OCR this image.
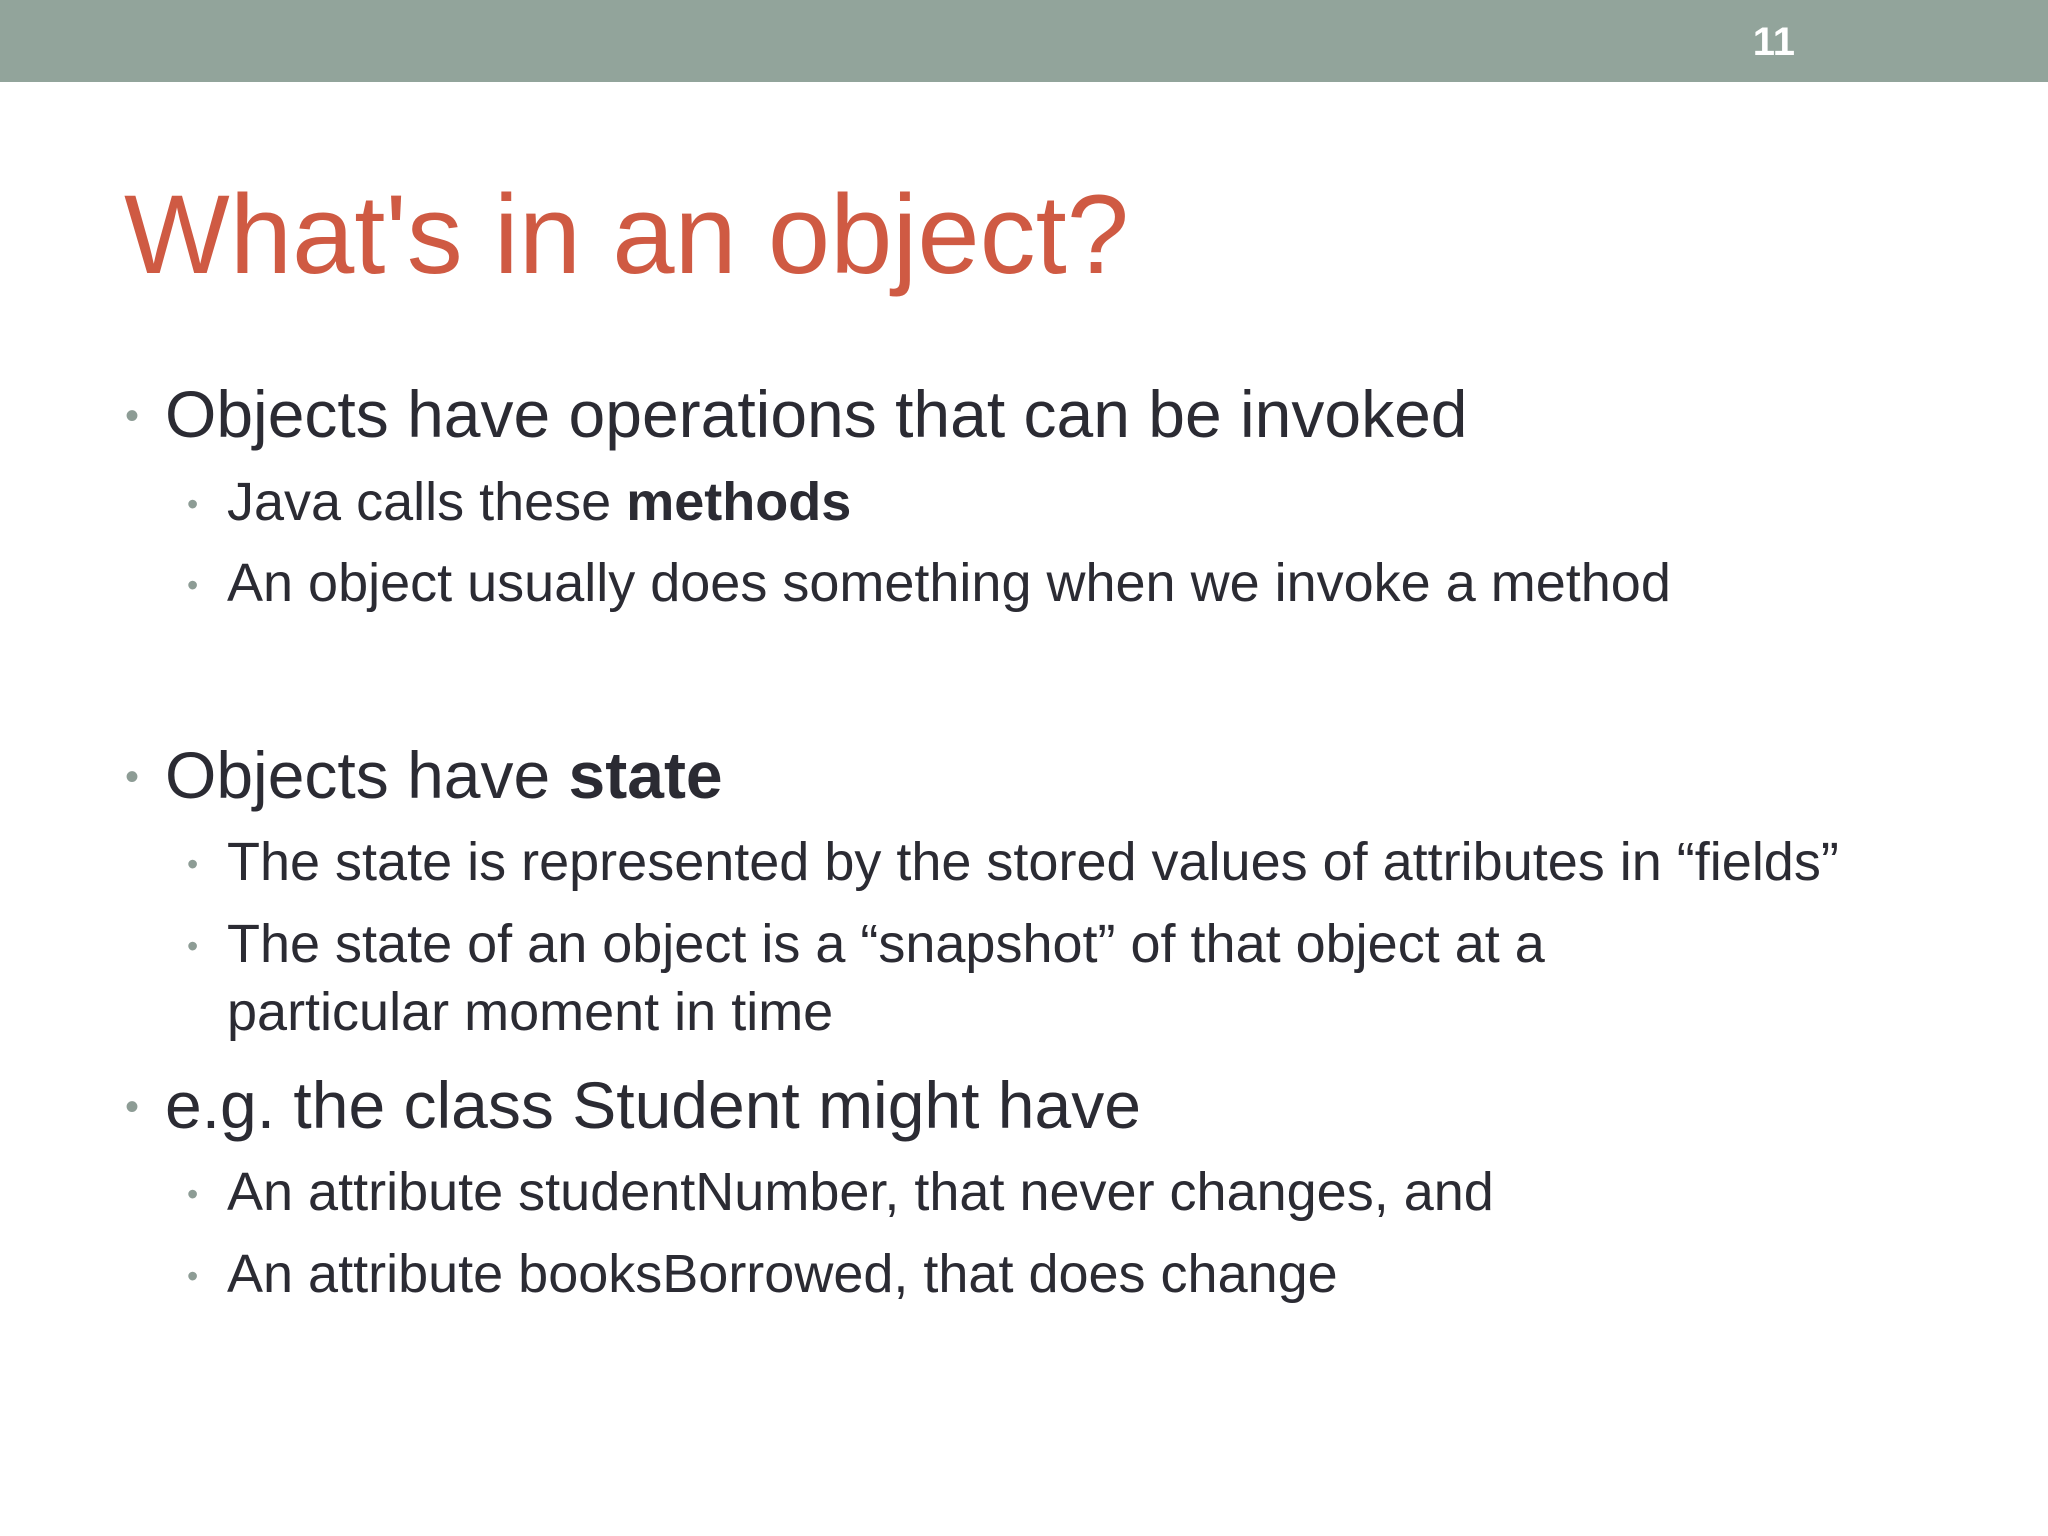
11
What's in an object?
• Objects have operations that can be invoked
• Java calls these methods
• An object usually does something when we invoke a method
• Objects have state
• The state is represented by the stored values of attributes in “fields”
• The state of an object is a “snapshot” of that object at a particular moment in time
• e.g. the class Student might have
• An attribute studentNumber, that never changes, and
• An attribute booksBorrowed, that does change
